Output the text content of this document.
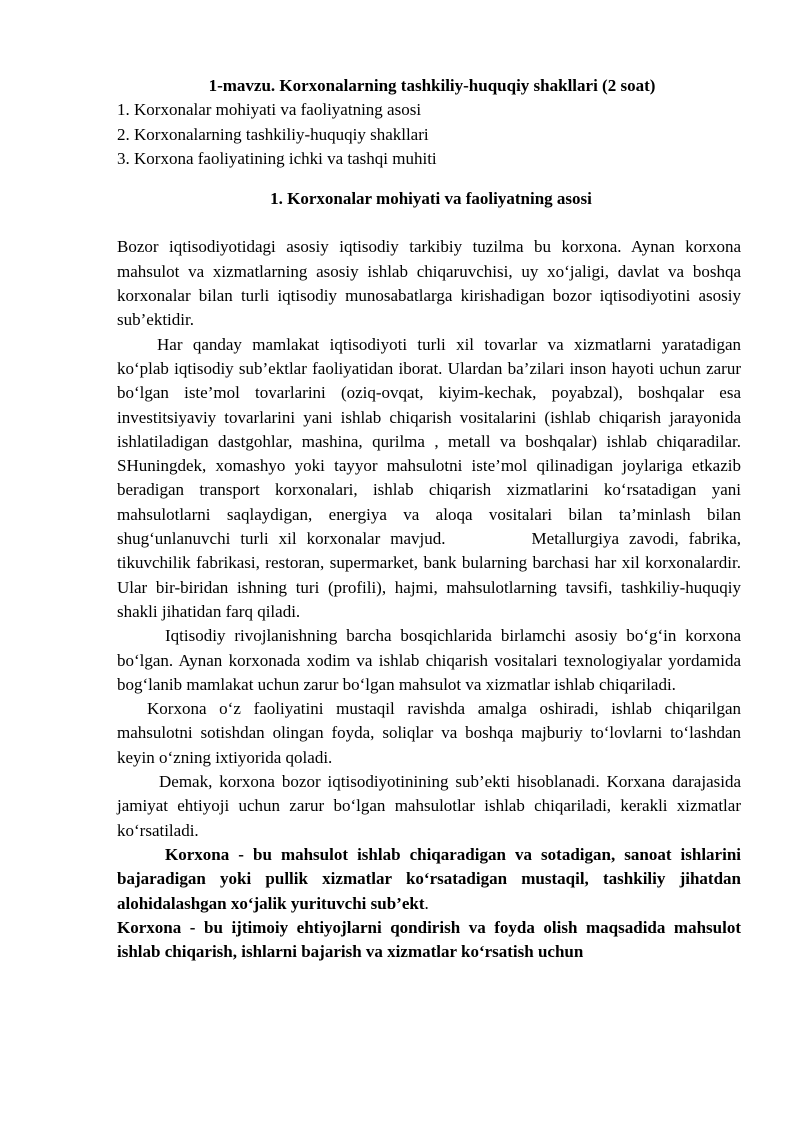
1-mavzu. Korxonalarning tashkiliy-huquqiy shakllari (2 soat)
1. Korxonalar mohiyati va faoliyatning asosi
2. Korxonalarning tashkiliy-huquqiy shakllari
3. Korxona faoliyatining ichki va tashqi muhiti
1. Korxonalar mohiyati va faoliyatning asosi

Bozor iqtisodiyotidagi asosiy iqtisodiy tarkibiy tuzilma bu korxona. Aynan korxona mahsulot va xizmatlarning asosiy ishlab chiqaruvchisi, uy xo‘jaligi, davlat va boshqa korxonalar bilan turli iqtisodiy munosabatlarga kirishadigan bozor iqtisodiyotini asosiy sub’ektidir.

Har qanday mamlakat iqtisodiyoti turli xil tovarlar va xizmatlarni yaratadigan ko‘plab iqtisodiy sub’ektlar faoliyatidan iborat. Ulardan ba’zilari inson hayoti uchun zarur bo‘lgan iste’mol tovarlarini (oziq-ovqat, kiyim-kechak, poyabzal), boshqalar esa investitsiyaviy tovarlarini yani ishlab chiqarish vositalarini (ishlab chiqarish jarayonida ishlatiladigan dastgohlar, mashina, qurilma , metall va boshqalar) ishlab chiqaradilar. SHuningdek, xomashyo yoki tayyor mahsulotni iste’mol qilinadigan joylariga etkazib beradigan transport korxonalari, ishlab chiqarish xizmatlarini ko‘rsatadigan yani mahsulotlarni saqlaydigan, energiya va aloqa vositalari bilan ta’minlash bilan shug‘unlanuvchi turli xil korxonalar mavjud.	Metallurgiya zavodi, fabrika, tikuvchilik fabrikasi, restoran, supermarket, bank bularning barchasi har xil korxonalardir. Ular bir-biridan ishning turi (profili), hajmi, mahsulotlarning tavsifi, tashkiliy-huquqiy shakli jihatidan farq qiladi.

Iqtisodiy rivojlanishning barcha bosqichlarida birlamchi asosiy bo‘g‘in korxona bo‘lgan. Aynan korxonada xodim va ishlab chiqarish vositalari texnologiyalar yordamida bog‘lanib mamlakat uchun zarur bo‘lgan mahsulot va xizmatlar ishlab chiqariladi.

Korxona o‘z faoliyatini mustaqil ravishda amalga oshiradi, ishlab chiqarilgan mahsulotni sotishdan olingan foyda, soliqlar va boshqa majburiy to‘lovlarni to‘lashdan keyin o‘zning ixtiyorida qoladi.

Demak, korxona bozor iqtisodiyotinining sub’ekti hisoblanadi. Korxana darajasida jamiyat ehtiyoji uchun zarur bo‘lgan mahsulotlar ishlab chiqariladi, kerakli xizmatlar ko‘rsatiladi.

Korxona - bu mahsulot ishlab chiqaradigan va sotadigan, sanoat ishlarini bajaradigan yoki pullik xizmatlar ko‘rsatadigan mustaqil, tashkiliy jihatdan alohidalashgan xo‘jalik yurituvchi sub’ekt.

Korxona - bu ijtimoiy ehtiyojlarni qondirish va foyda olish maqsadida mahsulot ishlab chiqarish, ishlarni bajarish va xizmatlar ko‘rsatish uchun
